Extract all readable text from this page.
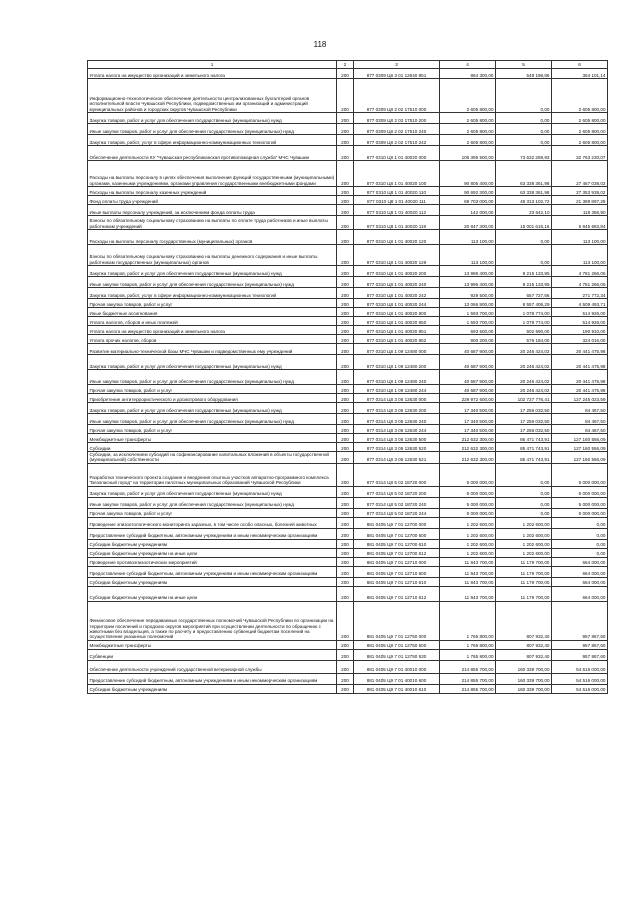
118
1	2	3	4	5	6
Уплата налога на имущество организаций и земельного налога	200	877 0309 Ц8 3 01 12640 851	864 300,00	549 198,86	354 101,14
Информационно-технологическое обеспечение деятельности централизованных бухгалтерий органов исполнительной власти Чувашской Республики, подведомственных им организаций и администраций муниципальных районов и городских округов Чувашской Республики	200	877 0309 Ц8 2 02 17510 000	2 605 800,00	0,00	2 605 800,00
Закупка товаров, работ и услуг для обеспечения государственных (муниципальных) нужд	200	877 0309 Ц8 2 02 17510 200	2 605 800,00	0,00	2 605 800,00
Иные закупки товаров, работ и услуг для обеспечения государственных (муниципальных) нужд	200	877 0309 Ц8 2 02 17510 240	2 605 800,00	0,00	2 605 800,00
Закупка товаров, работ, услуг в сфере информационно-коммуникационных технологий	200	877 0309 Ц8 2 02 17510 242	2 605 800,00	0,00	2 605 800,00
Обеспечение деятельности КУ "Чувашская республиканская противопожарная служба" МЧС Чувашии	200	877 0310 Ц8 1 01 40020 000	106 395 500,00	73 632 269,93	32 763 230,07
Расходы на выплаты персоналу в целях обеспечения выполнения функций государственными (муниципальными) органами, казенными учреждениями, органами управления государственными внебюджетными фондами	200	877 0310 Ц8 1 01 40020 100	90 805 400,00	63 338 361,98	27 467 038,02
Расходы на выплаты персоналу казенных учреждений	200	877 0310 Ц8 1 01 40020 110	90 692 300,00	63 338 361,98	27 353 938,02
Фонд оплаты труда учреждений	200	877 0310 Ц8 1 01 40020 111	69 703 000,00	48 313 102,72	21 389 897,28
Иные выплаты персоналу учреждений, за исключением фонда оплаты труда	200	877 0310 Ц8 1 01 40020 112	142 000,00	23 642,10	118 356,90
Взносы по обязательному социальному страхованию на выплаты по оплате труда работников и иные выплаты работникам учреждений	200	877 0310 Ц8 1 01 40020 119	20 847 300,00	15 001 616,16	5 845 683,84
Расходы на выплаты персоналу государственных (муниципальных) органов	200	877 0310 Ц8 1 01 40020 120	113 100,00	0,00	113 100,00
Взносы по обязательному социальному страхованию на выплаты денежного содержания и иные выплаты работникам государственных (муниципальных) органов	200	877 0310 Ц8 1 01 40020 129	113 100,00	0,00	113 100,00
Закупка товаров, работ и услуг для обеспечения государственных (муниципальных) нужд	200	877 0310 Ц8 1 01 40020 200	13 996 400,00	9 215 133,95	4 781 266,05
Иные закупки товаров, работ и услуг для обеспечения государственных (муниципальных) нужд	200	877 0310 Ц8 1 01 40020 240	13 996 400,00	9 215 133,95	4 781 266,05
Закупка товаров, работ, услуг в сфере информационно-коммуникационных технологий	200	877 0310 Ц8 1 01 40020 242	929 500,00	657 727,66	271 772,34
Прочая закупка товаров, работ и услуг	200	877 0310 Ц8 1 01 40020 244	13 066 900,00	8 557 406,29	4 509 493,71
Иные бюджетные ассигнования	200	877 0310 Ц8 1 01 40020 800	1 593 700,00	1 078 774,00	514 926,00
Уплата налогов, сборов и иных платежей	200	877 0310 Ц8 1 01 40020 850	1 593 700,00	1 078 774,00	514 926,00
Уплата налога на имущество организаций и земельного налога	200	877 0310 Ц8 1 01 40020 851	693 500,00	502 590,00	190 910,00
Уплата прочих налогов, сборов	200	877 0310 Ц8 1 01 40020 852	900 200,00	576 184,00	324 016,00
Развитие материально-технической базы МЧС Чувашии и подведомственных ему учреждений	200	877 0310 Ц8 1 09 12480 000	40 687 900,00	20 246 424,02	20 441 475,98
Закупка товаров, работ и услуг для обеспечения государственных (муниципальных) нужд	200	877 0310 Ц8 1 09 12480 200	40 687 900,00	20 246 424,02	20 441 475,98
Иные закупки товаров, работ и услуг для обеспечения государственных (муниципальных) нужд	200	877 0310 Ц8 1 09 12480 240	40 687 900,00	20 246 424,02	20 441 475,98
Прочая закупка товаров, работ и услуг	200	877 0310 Ц8 1 09 12480 244	40 687 900,00	20 246 424,02	20 441 475,98
Приобретение антитеррористического и досмотрового оборудования	200	877 0314 Ц8 3 05 12630 000	229 972 600,00	102 727 776,41	127 245 023,59
Закупка товаров, работ и услуг для обеспечения государственных (муниципальных) нужд	200	877 0314 Ц8 3 05 12630 200	17 340 500,00	17 256 032,50	84 467,50
Иные закупки товаров, работ и услуг для обеспечения государственных (муниципальных) нужд	200	877 0314 Ц8 3 05 12630 240	17 340 500,00	17 256 032,50	84 467,50
Прочая закупка товаров, работ и услуг	200	877 0314 Ц8 3 05 12630 244	17 340 500,00	17 256 032,50	84 467,50
Межбюджетные трансферты	200	877 0314 Ц8 3 05 12630 500	212 632 300,00	85 471 743,91	127 160 556,09
Субсидии	200	877 0314 Ц8 3 05 12630 520	212 632 300,00	85 471 743,91	127 160 556,09
Субсидии, за исключением субсидий на софинансирование капитальных вложений в объекты государственной (муниципальной) собственности	200	877 0314 Ц8 3 05 12630 521	212 632 300,00	85 471 743,91	127 160 556,09
Разработка технического проекта создания и внедрения опытных участков аппаратно-программного комплекса "Безопасный город" на территории пилотных муниципальных образований Чувашской Республики	200	877 0314 Ц8 5 02 18720 000	5 000 000,00	0,00	5 000 000,00
Закупка товаров, работ и услуг для обеспечения государственных (муниципальных) нужд	200	877 0314 Ц8 5 02 18720 200	5 000 000,00	0,00	5 000 000,00
Иные закупки товаров, работ и услуг для обеспечения государственных (муниципальных) нужд	200	877 0314 Ц8 5 02 18720 240	5 000 000,00	0,00	5 000 000,00
Прочая закупка товаров, работ и услуг	200	877 0314 Ц8 5 02 18720 244	5 000 000,00	0,00	5 000 000,00
Проведение эпизоотологического мониторинга заразных, в том числе особо опасных, болезней животных	200	881 0405 Ц9 7 01 12700 000	1 202 600,00	1 202 600,00	0,00
Предоставление субсидий бюджетным, автономным учреждениям и иным некоммерческим организациям	200	881 0405 Ц9 7 01 12700 600	1 202 600,00	1 202 600,00	0,00
Субсидии бюджетным учреждениям	200	881 0405 Ц9 7 01 12700 610	1 202 600,00	1 202 600,00	0,00
Субсидии бюджетным учреждениям на иные цели	200	881 0405 Ц9 7 01 12700 612	1 202 600,00	1 202 600,00	0,00
Проведение противоэпизоотических мероприятий	200	881 0405 Ц9 7 01 12710 000	11 843 700,00	11 179 700,00	664 000,00
Предоставление субсидий бюджетным, автономным учреждениям и иным некоммерческим организациям	200	881 0405 Ц9 7 01 12710 600	11 843 700,00	11 179 700,00	664 000,00
Субсидии бюджетным учреждениям	200	881 0405 Ц9 7 01 12710 610	11 843 700,00	11 179 700,00	664 000,00
Субсидии бюджетным учреждениям на иные цели	200	881 0405 Ц9 7 01 12710 612	11 843 700,00	11 179 700,00	664 000,00
Финансовое обеспечение передаваемых государственных полномочий Чувашской Республики по организации на территории поселений и городских округов мероприятий при осуществлении деятельности по обращению с животными без владельцев, а также по расчету и предоставлению субвенций бюджетам поселений на осуществление указанных полномочий	200	881 0405 Ц9 7 01 12750 000	1 765 800,00	807 932,40	957 867,60
Межбюджетные трансферты	200	881 0405 Ц9 7 01 12750 500	1 765 800,00	807 932,40	957 867,60
Субвенции	200	881 0405 Ц9 7 01 12750 530	1 765 800,00	807 932,40	957 867,60
Обеспечение деятельности учреждений государственной ветеринарной службы	200	881 0405 Ц9 7 01 40010 000	214 855 700,00	160 339 700,00	54 516 000,00
Предоставление субсидий бюджетным, автономным учреждениям и иным некоммерческим организациям	200	881 0405 Ц9 7 01 40010 600	214 855 700,00	160 339 700,00	54 516 000,00
Субсидии бюджетным учреждениям	200	881 0405 Ц9 7 01 40010 610	214 855 700,00	160 339 700,00	54 516 000,00
